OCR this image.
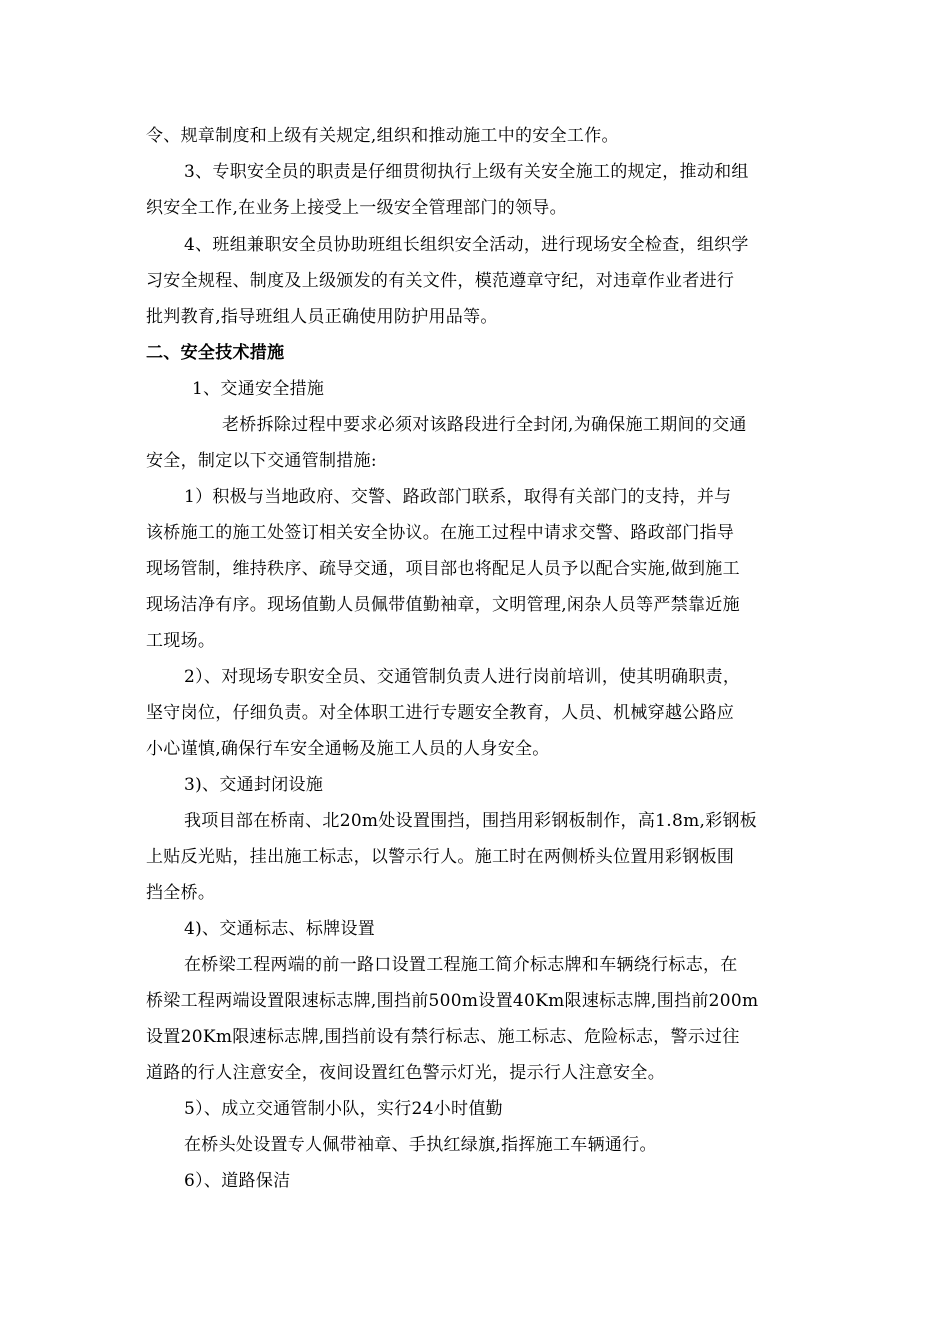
令、规章制度和上级有关规定,组织和推动施工中的安全工作。
3、专职安全员的职责是仔细贯彻执行上级有关安全施工的规定，推动和组
织安全工作,在业务上接受上一级安全管理部门的领导。
4、班组兼职安全员协助班组长组织安全活动，进行现场安全检查，组织学
习安全规程、制度及上级颁发的有关文件，模范遵章守纪，对违章作业者进行
批判教育,指导班组人员正确使用防护用品等。
二、安全技术措施
1、交通安全措施
老桥拆除过程中要求必须对该路段进行全封闭,为确保施工期间的交通
安全，制定以下交通管制措施:
1）积极与当地政府、交警、路政部门联系，取得有关部门的支持，并与
该桥施工的施工处签订相关安全协议。在施工过程中请求交警、路政部门指导
现场管制，维持秩序、疏导交通，项目部也将配足人员予以配合实施,做到施工
现场洁净有序。现场值勤人员佩带值勤袖章，文明管理,闲杂人员等严禁靠近施
工现场。
2）、对现场专职安全员、交通管制负责人进行岗前培训，使其明确职责，
坚守岗位，仔细负责。对全体职工进行专题安全教育，人员、机械穿越公路应
小心谨慎,确保行车安全通畅及施工人员的人身安全。
3)、交通封闭设施
我项目部在桥南、北20m处设置围挡，围挡用彩钢板制作，高1.8m,彩钢板
上贴反光贴，挂出施工标志，以警示行人。施工时在两侧桥头位置用彩钢板围
挡全桥。
4)、交通标志、标牌设置
在桥梁工程两端的前一路口设置工程施工简介标志牌和车辆绕行标志，在
桥梁工程两端设置限速标志牌,围挡前500m设置40Km限速标志牌,围挡前200m
设置20Km限速标志牌,围挡前设有禁行标志、施工标志、危险标志，警示过往
道路的行人注意安全，夜间设置红色警示灯光，提示行人注意安全。
5）、成立交通管制小队，实行24小时值勤
在桥头处设置专人佩带袖章、手执红绿旗,指挥施工车辆通行。
6）、道路保洁
